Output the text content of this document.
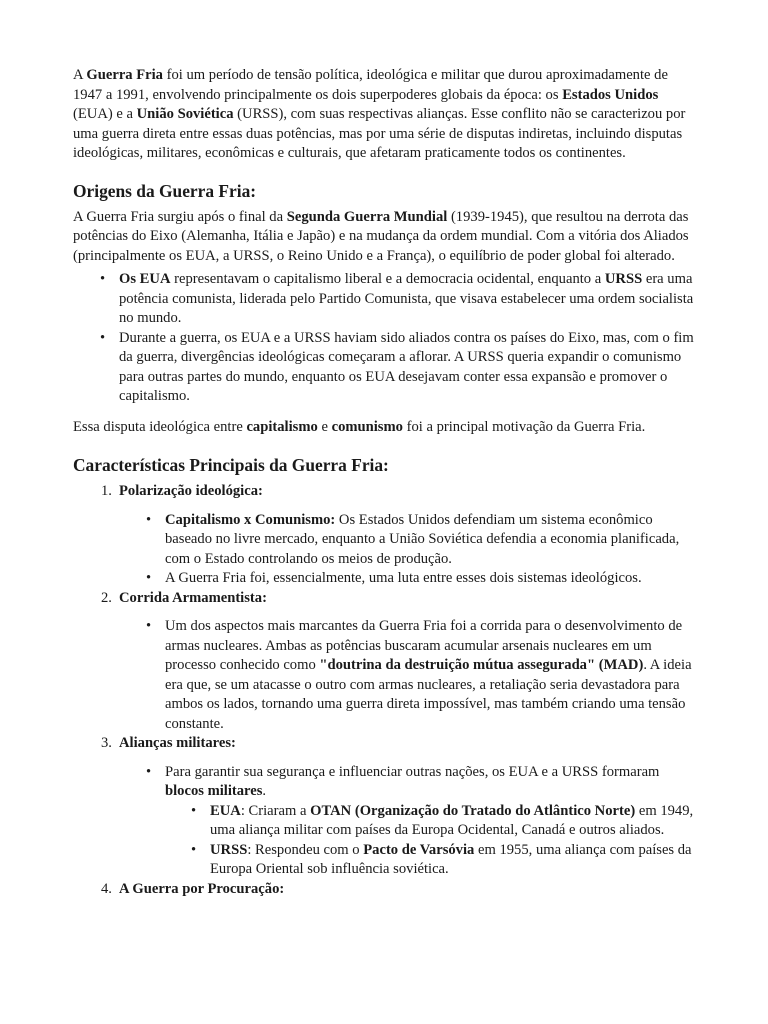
A Guerra Fria foi um período de tensão política, ideológica e militar que durou aproximadamente de 1947 a 1991, envolvendo principalmente os dois superpoderes globais da época: os Estados Unidos (EUA) e a União Soviética (URSS), com suas respectivas alianças. Esse conflito não se caracterizou por uma guerra direta entre essas duas potências, mas por uma série de disputas indiretas, incluindo disputas ideológicas, militares, econômicas e culturais, que afetaram praticamente todos os continentes.

Origens da Guerra Fria:

A Guerra Fria surgiu após o final da Segunda Guerra Mundial (1939-1945), que resultou na derrota das potências do Eixo (Alemanha, Itália e Japão) e na mudança da ordem mundial. Com a vitória dos Aliados (principalmente os EUA, a URSS, o Reino Unido e a França), o equilíbrio de poder global foi alterado.

• Os EUA representavam o capitalismo liberal e a democracia ocidental, enquanto a URSS era uma potência comunista, liderada pelo Partido Comunista, que visava estabelecer uma ordem socialista no mundo.
• Durante a guerra, os EUA e a URSS haviam sido aliados contra os países do Eixo, mas, com o fim da guerra, divergências ideológicas começaram a aflorar. A URSS queria expandir o comunismo para outras partes do mundo, enquanto os EUA desejavam conter essa expansão e promover o capitalismo.

Essa disputa ideológica entre capitalismo e comunismo foi a principal motivação da Guerra Fria.

Características Principais da Guerra Fria:
1. Polarização ideológica:
• Capitalismo x Comunismo: Os Estados Unidos defendiam um sistema econômico baseado no livre mercado, enquanto a União Soviética defendia a economia planificada, com o Estado controlando os meios de produção.
• A Guerra Fria foi, essencialmente, uma luta entre esses dois sistemas ideológicos.
2. Corrida Armamentista:
• Um dos aspectos mais marcantes da Guerra Fria foi a corrida para o desenvolvimento de armas nucleares. Ambas as potências buscaram acumular arsenais nucleares em um processo conhecido como "doutrina da destruição mútua assegurada" (MAD). A ideia era que, se um atacasse o outro com armas nucleares, a retaliação seria devastadora para ambos os lados, tornando uma guerra direta impossível, mas também criando uma tensão constante.
3. Alianças militares:
• Para garantir sua segurança e influenciar outras nações, os EUA e a URSS formaram blocos militares.
• EUA: Criaram a OTAN (Organização do Tratado do Atlântico Norte) em 1949, uma aliança militar com países da Europa Ocidental, Canadá e outros aliados.
• URSS: Respondeu com o Pacto de Varsóvia em 1955, uma aliança com países da Europa Oriental sob influência soviética.
4. A Guerra por Procuração:
